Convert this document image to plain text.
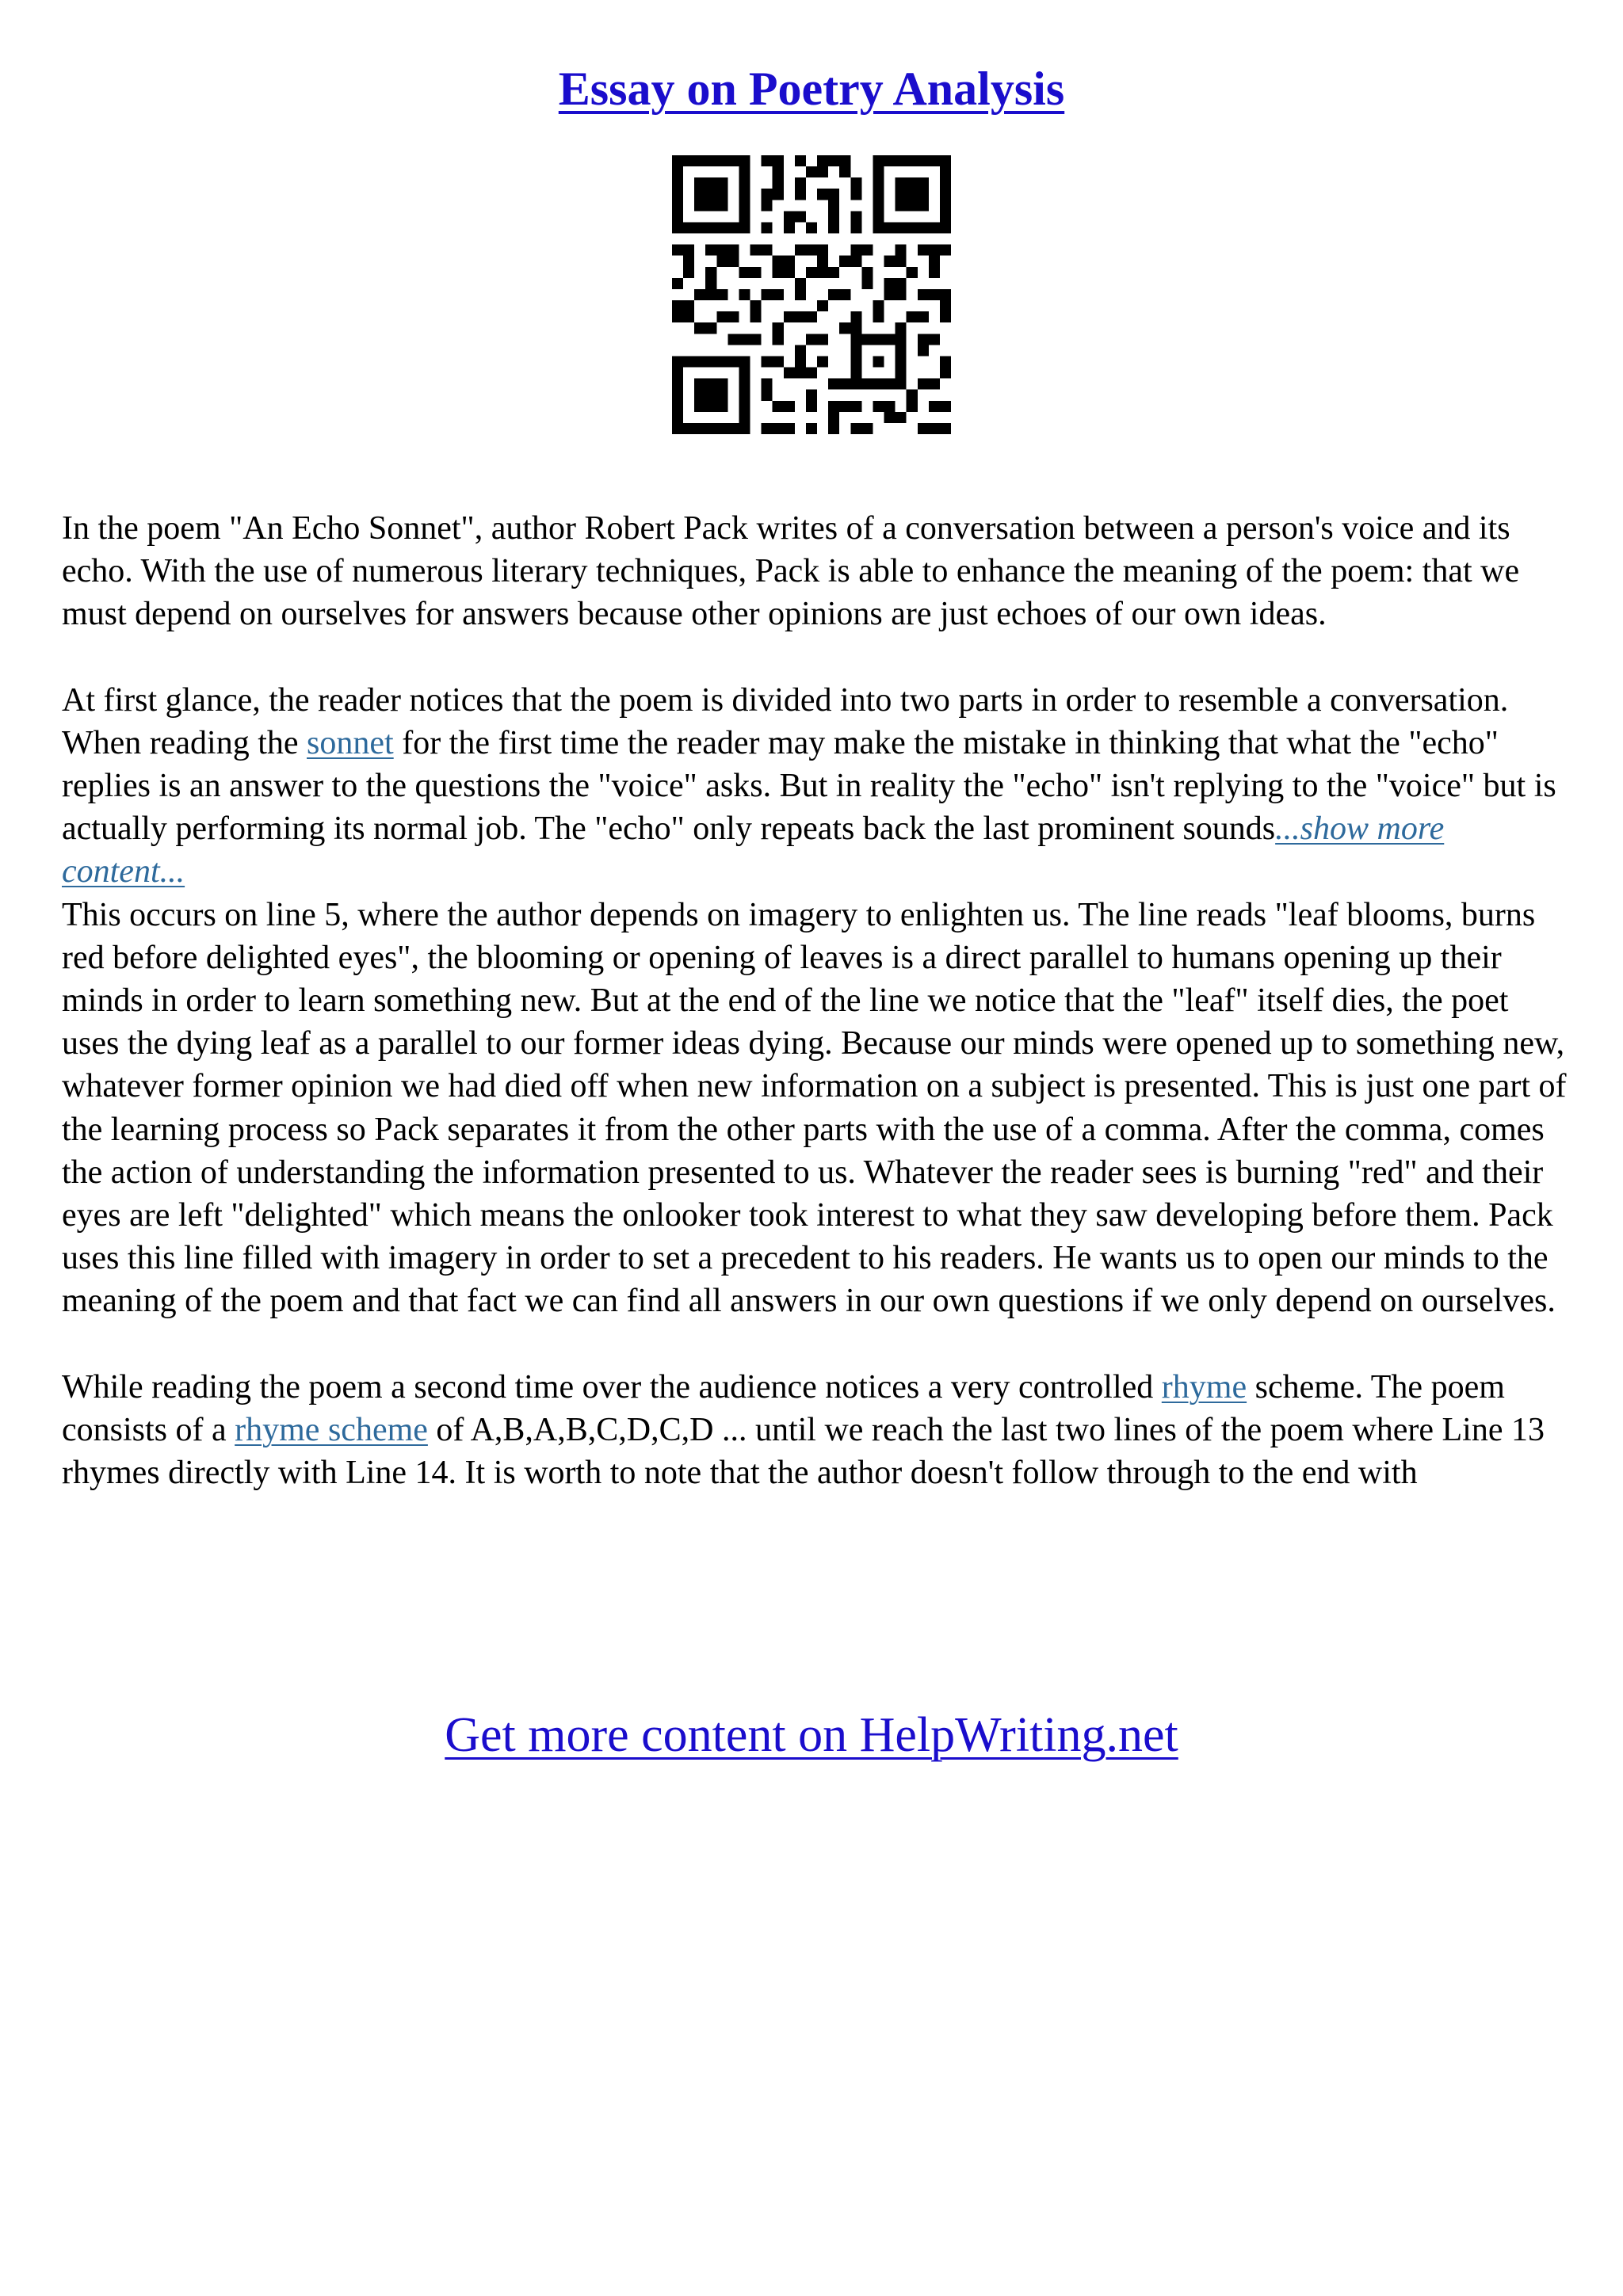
Essay on Poetry Analysis

In the poem "An Echo Sonnet", author Robert Pack writes of a conversation between a person's voice and its echo. With the use of numerous literary techniques, Pack is able to enhance the meaning of the poem: that we must depend on ourselves for answers because other opinions are just echoes of our own ideas.

At first glance, the reader notices that the poem is divided into two parts in order to resemble a conversation. When reading the sonnet for the first time the reader may make the mistake in thinking that what the "echo" replies is an answer to the questions the "voice" asks. But in reality the "echo" isn't replying to the "voice" but is actually performing its normal job. The "echo" only repeats back the last prominent sounds...show more content...

This occurs on line 5, where the author depends on imagery to enlighten us. The line reads "leaf blooms, burns red before delighted eyes", the blooming or opening of leaves is a direct parallel to humans opening up their minds in order to learn something new. But at the end of the line we notice that the "leaf" itself dies, the poet uses the dying leaf as a parallel to our former ideas dying. Because our minds were opened up to something new, whatever former opinion we had died off when new information on a subject is presented. This is just one part of the learning process so Pack separates it from the other parts with the use of a comma. After the comma, comes the action of understanding the information presented to us. Whatever the reader sees is burning "red" and their eyes are left "delighted" which means the onlooker took interest to what they saw developing before them. Pack uses this line filled with imagery in order to set a precedent to his readers. He wants us to open our minds to the meaning of the poem and that fact we can find all answers in our own questions if we only depend on ourselves.

While reading the poem a second time over the audience notices a very controlled rhyme scheme. The poem consists of a rhyme scheme of A,B,A,B,C,D,C,D ... until we reach the last two lines of the poem where Line 13 rhymes directly with Line 14. It is worth to note that the author doesn't follow through to the end with

Get more content on HelpWriting.net
